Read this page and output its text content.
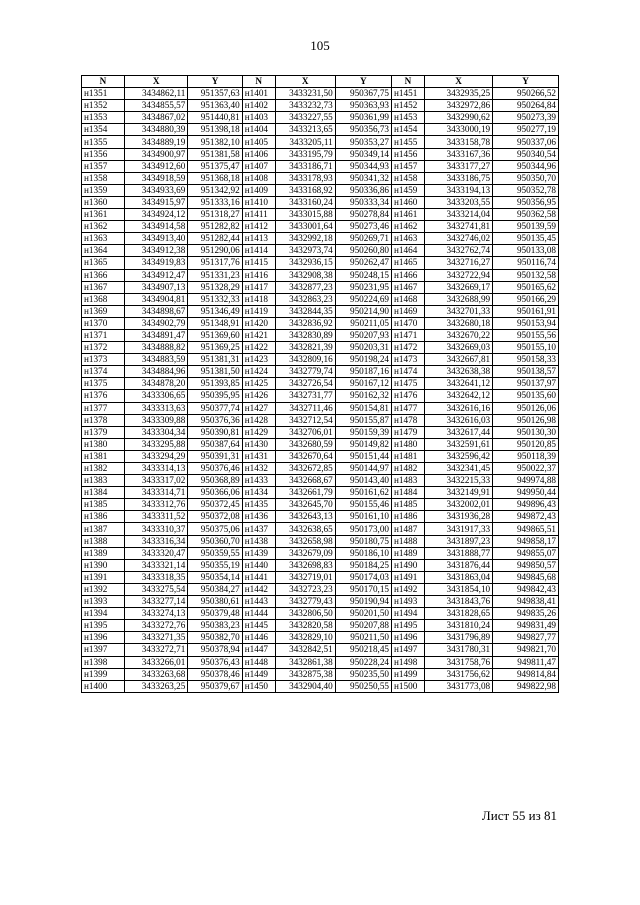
105
N	X	Y	N	X	Y	N	X	Y
н1351	3434862,11	951357,63	н1401	3433231,50	950367,75	н1451	3432935,25	950266,52
н1352	3434855,57	951363,40	н1402	3433232,73	950363,93	н1452	3432972,86	950264,84
н1353	3434867,02	951440,81	н1403	3433227,55	950361,99	н1453	3432990,62	950273,39
н1354	3434880,39	951398,18	н1404	3433213,65	950356,73	н1454	3433000,19	950277,19
н1355	3434889,19	951382,10	н1405	3433205,11	950353,27	н1455	3433158,78	950337,06
н1356	3434900,97	951381,58	н1406	3433195,79	950349,14	н1456	3433167,36	950340,54
н1357	3434912,60	951375,47	н1407	3433186,71	950344,93	н1457	3433177,27	950344,96
н1358	3434918,59	951368,18	н1408	3433178,93	950341,32	н1458	3433186,75	950350,70
н1359	3434933,69	951342,92	н1409	3433168,92	950336,86	н1459	3433194,13	950352,78
н1360	3434915,97	951333,16	н1410	3433160,24	950333,34	н1460	3433203,55	950356,95
н1361	3434924,12	951318,27	н1411	3433015,88	950278,84	н1461	3433214,04	950362,58
н1362	3434914,58	951282,82	н1412	3433001,64	950273,46	н1462	3432741,81	950139,59
н1363	3434913,40	951282,44	н1413	3432992,18	950269,71	н1463	3432746,02	950135,45
н1364	3434912,38	951290,06	н1414	3432973,74	950260,80	н1464	3432762,74	950133,08
н1365	3434919,83	951317,76	н1415	3432936,15	950262,47	н1465	3432716,27	950116,74
н1366	3434912,47	951331,23	н1416	3432908,38	950248,15	н1466	3432722,94	950132,58
н1367	3434907,13	951328,29	н1417	3432877,23	950231,95	н1467	3432669,17	950165,62
н1368	3434904,81	951332,33	н1418	3432863,23	950224,69	н1468	3432688,99	950166,29
н1369	3434898,67	951346,49	н1419	3432844,35	950214,90	н1469	3432701,33	950161,91
н1370	3434902,79	951348,91	н1420	3432836,92	950211,05	н1470	3432680,18	950153,94
н1371	3434891,47	951369,60	н1421	3432830,89	950207,93	н1471	3432670,22	950155,56
н1372	3434888,82	951369,25	н1422	3432821,39	950203,31	н1472	3432669,03	950155,10
н1373	3434883,59	951381,31	н1423	3432809,16	950198,24	н1473	3432667,81	950158,33
н1374	3434884,96	951381,50	н1424	3432779,74	950187,16	н1474	3432638,38	950138,57
н1375	3434878,20	951393,85	н1425	3432726,54	950167,12	н1475	3432641,12	950137,97
н1376	3433306,65	950395,95	н1426	3432731,77	950162,32	н1476	3432642,12	950135,60
н1377	3433313,63	950377,74	н1427	3432711,46	950154,81	н1477	3432616,16	950126,06
н1378	3433309,88	950376,36	н1428	3432712,54	950155,87	н1478	3432616,03	950126,98
н1379	3433304,34	950390,81	н1429	3432706,01	950159,39	н1479	3432617,44	950130,30
н1380	3433295,88	950387,64	н1430	3432680,59	950149,82	н1480	3432591,61	950120,85
н1381	3433294,29	950391,31	н1431	3432670,64	950151,44	н1481	3432596,42	950118,39
н1382	3433314,13	950376,46	н1432	3432672,85	950144,97	н1482	3432341,45	950022,37
н1383	3433317,02	950368,89	н1433	3432668,67	950143,40	н1483	3432215,33	949974,88
н1384	3433314,71	950366,06	н1434	3432661,79	950161,62	н1484	3432149,91	949950,44
н1385	3433312,76	950372,45	н1435	3432645,70	950155,46	н1485	3432002,01	949896,43
н1386	3433311,52	950372,08	н1436	3432643,13	950161,10	н1486	3431936,28	949872,43
н1387	3433310,37	950375,06	н1437	3432638,65	950173,00	н1487	3431917,33	949865,51
н1388	3433316,34	950360,70	н1438	3432658,98	950180,75	н1488	3431897,23	949858,17
н1389	3433320,47	950359,55	н1439	3432679,09	950186,10	н1489	3431888,77	949855,07
н1390	3433321,14	950355,19	н1440	3432698,83	950184,25	н1490	3431876,44	949850,57
н1391	3433318,35	950354,14	н1441	3432719,01	950174,03	н1491	3431863,04	949845,68
н1392	3433275,54	950384,27	н1442	3432723,23	950170,15	н1492	3431854,10	949842,43
н1393	3433277,14	950380,61	н1443	3432779,43	950190,94	н1493	3431843,76	949838,41
н1394	3433274,13	950379,48	н1444	3432806,50	950201,50	н1494	3431828,65	949835,26
н1395	3433272,76	950383,23	н1445	3432820,58	950207,88	н1495	3431810,24	949831,49
н1396	3433271,35	950382,70	н1446	3432829,10	950211,50	н1496	3431796,89	949827,77
н1397	3433272,71	950378,94	н1447	3432842,51	950218,45	н1497	3431780,31	949821,70
н1398	3433266,01	950376,43	н1448	3432861,38	950228,24	н1498	3431758,76	949811,47
н1399	3433263,68	950378,46	н1449	3432875,38	950235,50	н1499	3431756,62	949814,84
н1400	3433263,25	950379,67	н1450	3432904,40	950250,55	н1500	3431773,08	949822,98
Лист 55 из 81
